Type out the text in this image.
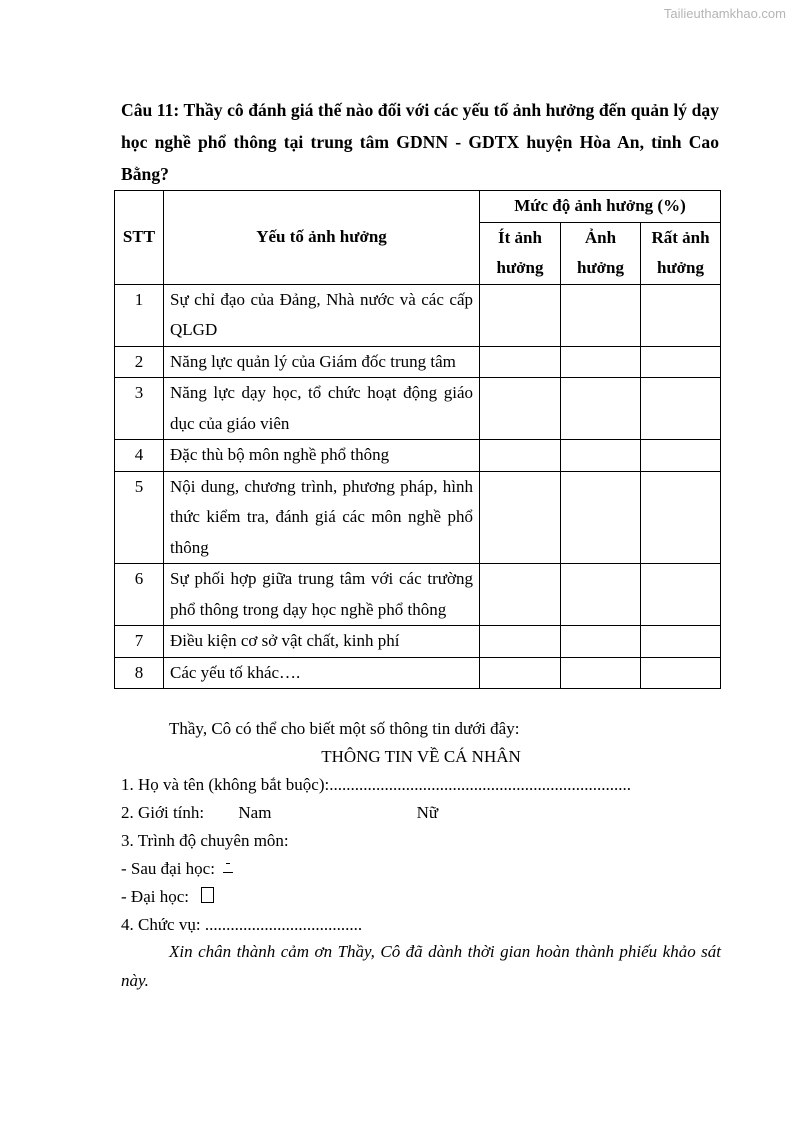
Tailieuthamkhao.com
Câu 11: Thầy cô đánh giá thế nào đối với các yếu tố ảnh hưởng đến quản lý dạy học nghề phổ thông tại trung tâm GDNN - GDTX huyện Hòa An, tỉnh Cao Bằng?
STT	Yếu tố ảnh hưởng	Mức độ ảnh hưởng (%)		
		Ít ảnh hưởng	Ảnh hưởng	Rất ảnh hưởng
1	Sự chỉ đạo của Đảng, Nhà nước và các cấp QLGD			
2	Năng lực quản lý của Giám đốc trung tâm			
3	Năng lực dạy học, tổ chức hoạt động giáo dục của giáo viên			
4	Đặc thù bộ môn nghề phổ thông			
5	Nội dung, chương trình, phương pháp, hình thức kiểm tra, đánh giá các môn nghề phổ thông			
6	Sự phối hợp giữa trung tâm với các trường phổ thông trong dạy học nghề phổ thông			
7	Điều kiện cơ sở vật chất, kinh phí			
8	Các yếu tố khác….			
Thầy, Cô có thể cho biết một số thông tin dưới đây:
THÔNG TIN VỀ CÁ NHÂN
1. Họ và tên (không bắt buộc):.......................................................................
2. Giới tính: Nam	Nữ
3. Trình độ chuyên môn:
- Sau đại học:
- Đại học:
4. Chức vụ: .....................................
Xin chân thành cảm ơn Thầy, Cô đã dành thời gian hoàn thành phiếu khảo sát này.
